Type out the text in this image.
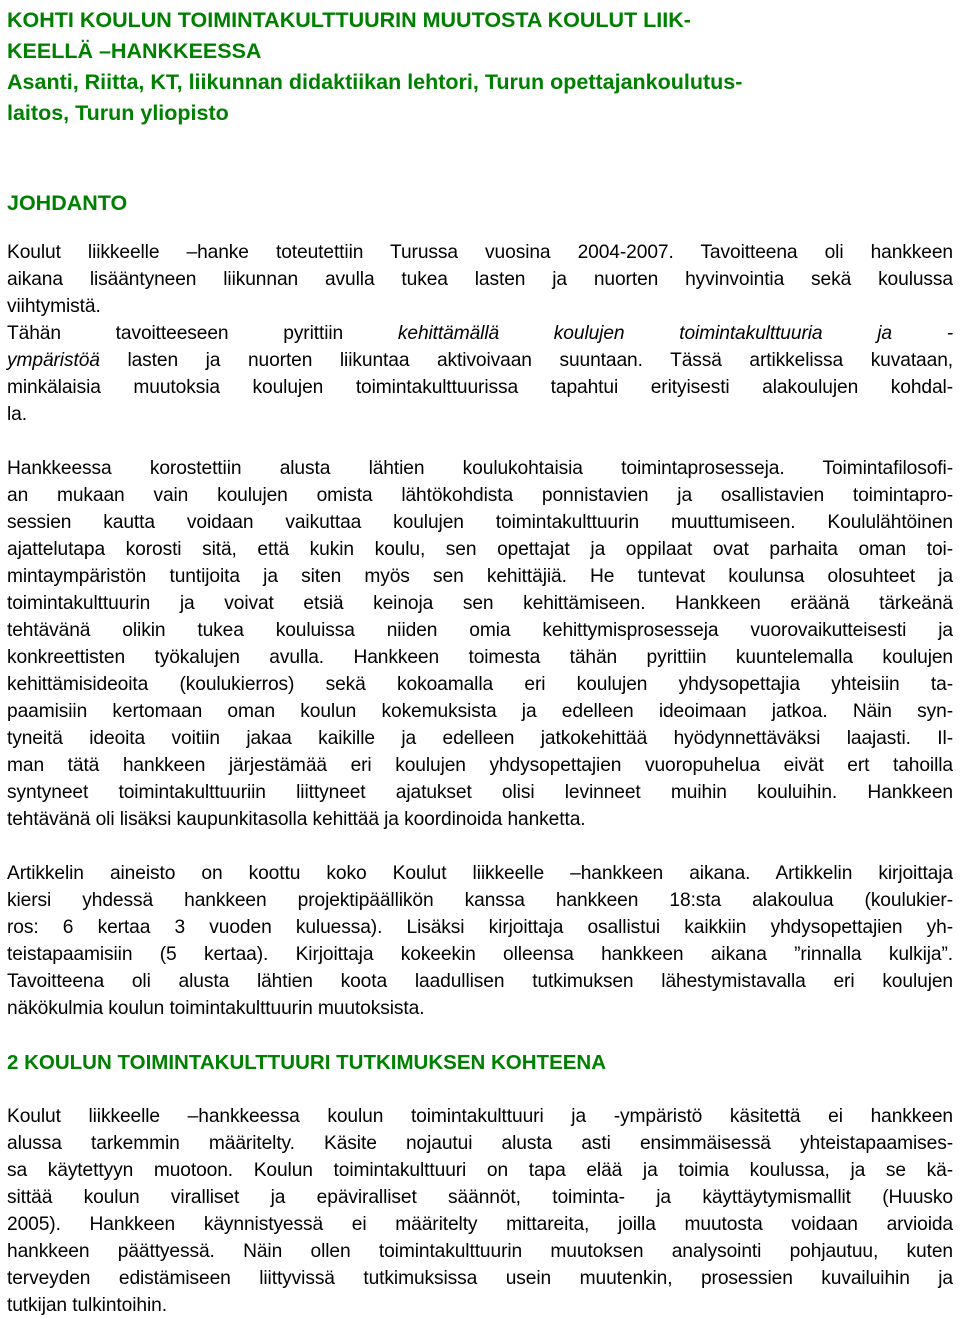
KOHTI KOULUN TOIMINTAKULTTUURIN MUUTOSTA KOULUT LIIK-
KEELLÄ –HANKKEESSA
Asanti, Riitta, KT, liikunnan didaktiikan lehtori, Turun opettajankoulutus-
laitos, Turun yliopisto
JOHDANTO

Koulut liikkeelle –hanke toteutettiin Turussa vuosina 2004-2007. Tavoitteena oli hankkeen
aikana lisääntyneen liikunnan avulla tukea lasten ja nuorten hyvinvointia sekä koulussa
viihtymistä.
Tähän tavoitteeseen pyrittiin	kehittämällä koulujen toimintakulttuuria ja -
ympäristöä lasten ja nuorten liikuntaa aktivoivaan suuntaan. Tässä artikkelissa kuvataan,
minkälaisia muutoksia koulujen toimintakulttuurissa tapahtui erityisesti alakoulujen kohdal-
la.

Hankkeessa korostettiin alusta lähtien koulukohtaisia toimintaprosesseja. Toimintafilosofi-
an mukaan vain koulujen omista lähtökohdista ponnistavien ja osallistavien toimintapro-
sessien kautta voidaan vaikuttaa koulujen toimintakulttuurin muuttumiseen. Koululähtöinen
ajattelutapa korosti sitä, että kukin koulu, sen opettajat ja oppilaat ovat parhaita oman toi-
mintaympäristön tuntijoita ja siten myös sen kehittäjiä. He tuntevat koulunsa olosuhteet ja
toimintakulttuurin ja voivat etsiä keinoja sen kehittämiseen. Hankkeen eräänä tärkeänä
tehtävänä olikin tukea kouluissa niiden omia kehittymisprosesseja vuorovaikutteisesti ja
konkreettisten työkalujen avulla. Hankkeen toimesta tähän pyrittiin kuuntelemalla koulujen
kehittämisideoita (koulukierros) sekä kokoamalla eri koulujen yhdysopettajia yhteisiin ta-
paamisiin kertomaan oman koulun kokemuksista ja edelleen ideoimaan jatkoa. Näin syn-
tyneitä ideoita voitiin jakaa kaikille ja edelleen jatkokehittää hyödynnettäväksi laajasti. Il-
man tätä hankkeen järjestämää eri koulujen yhdysopettajien vuoropuhelua eivät ert tahoilla
syntyneet toimintakulttuuriin liittyneet ajatukset olisi levinneet muihin kouluihin. Hankkeen
tehtävänä oli lisäksi kaupunkitasolla kehittää ja koordinoida hanketta.

Artikkelin aineisto on koottu koko Koulut liikkeelle –hankkeen aikana. Artikkelin kirjoittaja
kiersi yhdessä hankkeen projektipäällikön kanssa hankkeen 18:sta alakoulua (koulukier-
ros: 6 kertaa 3 vuoden kuluessa). Lisäksi kirjoittaja osallistui kaikkiin yhdysopettajien yh-
teistapaamisiin (5 kertaa). Kirjoittaja kokeekin olleensa hankkeen aikana ”rinnalla kulkija”.
Tavoitteena oli alusta lähtien koota laadullisen tutkimuksen lähestymistavalla eri koulujen
näkökulmia koulun toimintakulttuurin muutoksista.

2 KOULUN TOIMINTAKULTTUURI TUTKIMUKSEN KOHTEENA

Koulut liikkeelle –hankkeessa koulun toimintakulttuuri ja -ympäristö käsitettä ei hankkeen
alussa tarkemmin määritelty. Käsite nojautui alusta asti ensimmäisessä yhteistapaamises-
sa käytettyyn muotoon. Koulun toimintakulttuuri on tapa elää ja toimia koulussa, ja se kä-
sittää koulun viralliset ja epäviralliset säännöt, toiminta- ja käyttäytymismallit (Huusko
2005). Hankkeen käynnistyessä ei määritelty mittareita, joilla muutosta voidaan arvioida
hankkeen päättyessä. Näin ollen toimintakulttuurin muutoksen analysointi pohjautuu, kuten
terveyden edistämiseen liittyvissä tutkimuksissa usein muutenkin, prosessien kuvailuihin ja
tutkijan tulkintoihin.
